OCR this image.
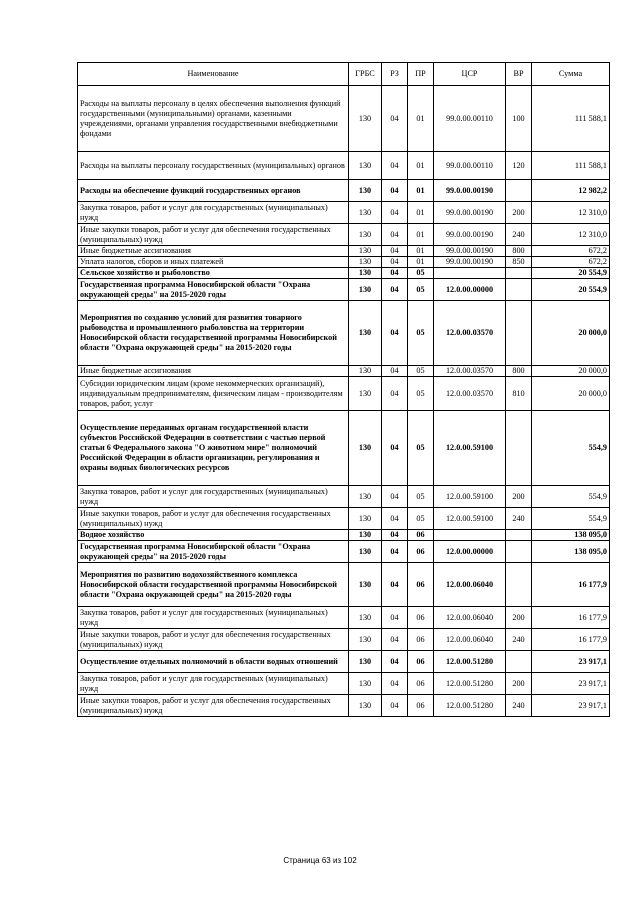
Наименование	ГРБС	РЗ	ПР	ЦСР	ВР	Сумма
Расходы на выплаты персоналу в целях обеспечения выполнения функций государственными (муниципальными) органами, казенными учреждениями, органами управления государственными внебюджетными фондами	130	04	01	99.0.00.00110	100	111 588,1
Расходы на выплаты персоналу государственных (муниципальных) органов	130	04	01	99.0.00.00110	120	111 588,1
Расходы на обеспечение функций государственных органов	130	04	01	99.0.00.00190		12 982,2
Закупка товаров, работ и услуг для государственных (муниципальных) нужд	130	04	01	99.0.00.00190	200	12 310,0
Иные закупки товаров, работ и услуг для обеспечения государственных (муниципальных) нужд	130	04	01	99.0.00.00190	240	12 310,0
Иные бюджетные ассигнования	130	04	01	99.0.00.00190	800	672,2
Уплата налогов, сборов и иных платежей	130	04	01	99.0.00.00190	850	672,2
Сельское хозяйство и рыболовство	130	04	05			20 554,9
Государственная программа Новосибирской области "Охрана окружающей среды" на 2015-2020 годы	130	04	05	12.0.00.00000		20 554,9
Мероприятия по созданию условий для развития товарного рыбоводства и промышленного рыболовства на территории Новосибирской области государственной программы Новосибирской области "Охрана окружающей среды" на 2015-2020 годы	130	04	05	12.0.00.03570		20 000,0
Иные бюджетные ассигнования	130	04	05	12.0.00.03570	800	20 000,0
Субсидии юридическим лицам (кроме некоммерческих организаций), индивидуальным предпринимателям, физическим лицам - производителям товаров, работ, услуг	130	04	05	12.0.00.03570	810	20 000,0
Осуществление переданных органам государственной власти субъектов Российской Федерации в соответствии с частью первой статьи 6 Федерального закона "О животном мире" полномочий Российской Федерации в области организации, регулирования и охраны водных биологических ресурсов	130	04	05	12.0.00.59100		554,9
Закупка товаров, работ и услуг для государственных (муниципальных) нужд	130	04	05	12.0.00.59100	200	554,9
Иные закупки товаров, работ и услуг для обеспечения государственных (муниципальных) нужд	130	04	05	12.0.00.59100	240	554,9
Водное хозяйство	130	04	06			138 095,0
Государственная программа Новосибирской области "Охрана окружающей среды" на 2015-2020 годы	130	04	06	12.0.00.00000		138 095,0
Мероприятия по развитию водохозяйственного комплекса Новосибирской области государственной программы Новосибирской области "Охрана окружающей среды" на 2015-2020 годы	130	04	06	12.0.00.06040		16 177,9
Закупка товаров, работ и услуг для государственных (муниципальных) нужд	130	04	06	12.0.00.06040	200	16 177,9
Иные закупки товаров, работ и услуг для обеспечения государственных (муниципальных) нужд	130	04	06	12.0.00.06040	240	16 177,9
Осуществление отдельных полномочий в области водных отношений	130	04	06	12.0.00.51280		23 917,1
Закупка товаров, работ и услуг для государственных (муниципальных) нужд	130	04	06	12.0.00.51280	200	23 917,1
Иные закупки товаров, работ и услуг для обеспечения государственных (муниципальных) нужд	130	04	06	12.0.00.51280	240	23 917,1
Страница 63 из 102
